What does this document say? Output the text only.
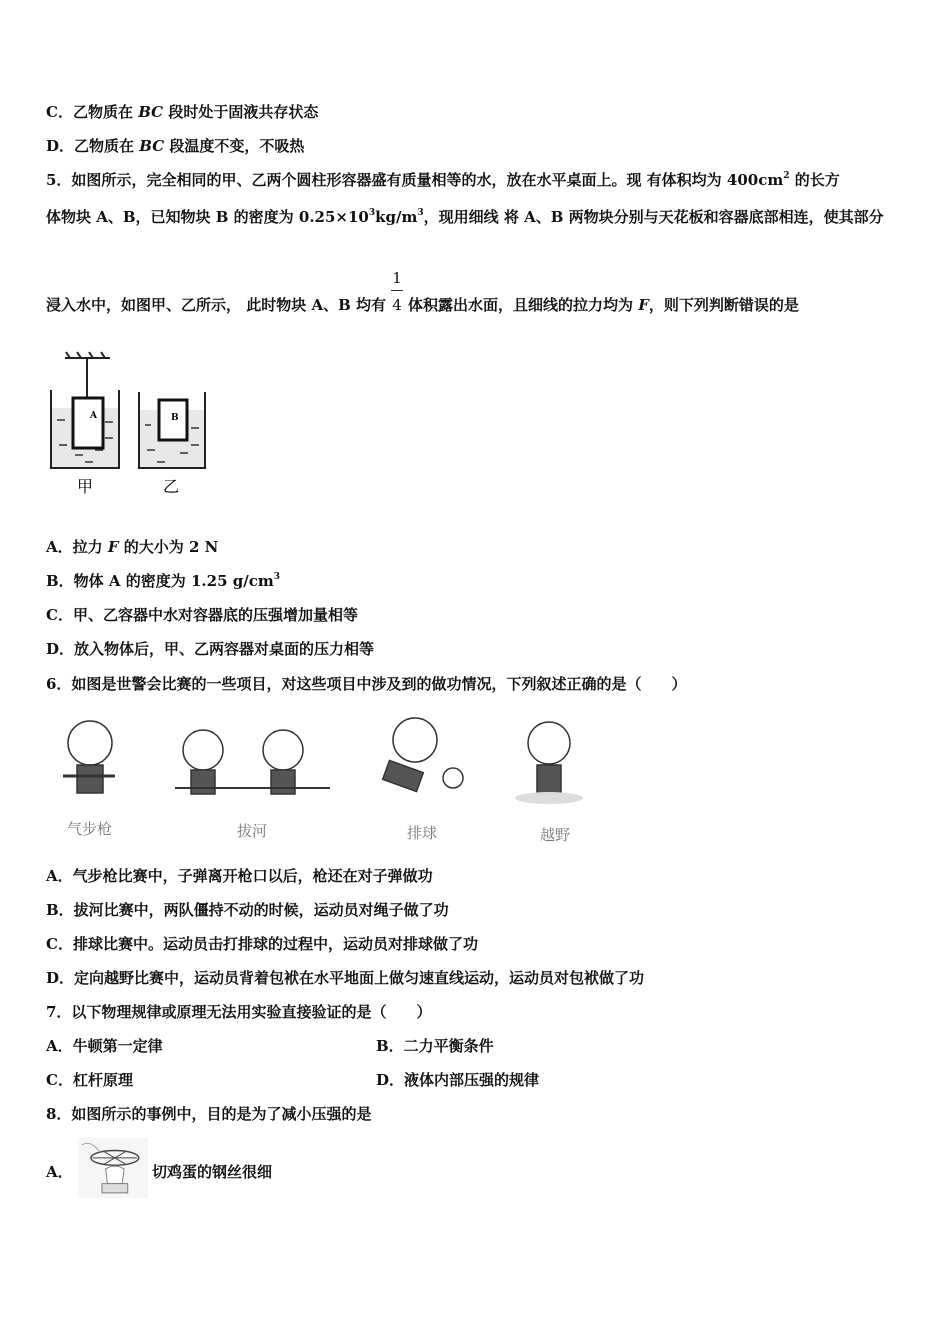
C．乙物质在 BC 段时处于固液共存状态
D．乙物质在 BC 段温度不变，不吸热
5．如图所示，完全相同的甲、乙两个圆柱形容器盛有质量相等的水，放在水平桌面上。现 有体积均为 $400cm^2$ 的长方
体物块 A、B，已知物块 B 的密度为 $0.25\times 10^3kg/m^3$，现用细线 将 A、B 两物块分别与天花板和容器底部相连，使其部分
浸入水中，如图甲、乙所示， 此时物块 A、B 均有 $\frac{1}{4}$ 体积露出水面，且细线的拉力均为 F，则下列判断错误的是
A	B
甲	乙
A．拉力 F 的大小为 2 N
B．物体 A 的密度为 1.25 $g/cm^3$
C．甲、乙容器中水对容器底的压强增加量相等
D．放入物体后，甲、乙两容器对桌面的压力相等
6．如图是世警会比赛的一些项目，对这些项目中涉及到的做功情况，下列叙述正确的是（　　）
气步枪	拔河	排球	越野
A．气步枪比赛中，子弹离开枪口以后，枪还在对子弹做功
B．拔河比赛中，两队僵持不动的时候，运动员对绳子做了功
C．排球比赛中。运动员击打排球的过程中，运动员对排球做了功
D．定向越野比赛中，运动员背着包袱在水平地面上做匀速直线运动，运动员对包袱做了功
7．以下物理规律或原理无法用实验直接验证的是（　　）
A．牛顿第一定律	B．二力平衡条件
C．杠杆原理	D．液体内部压强的规律
8．如图所示的事例中，目的是为了减小压强的是
A．	切鸡蛋的钢丝很细
